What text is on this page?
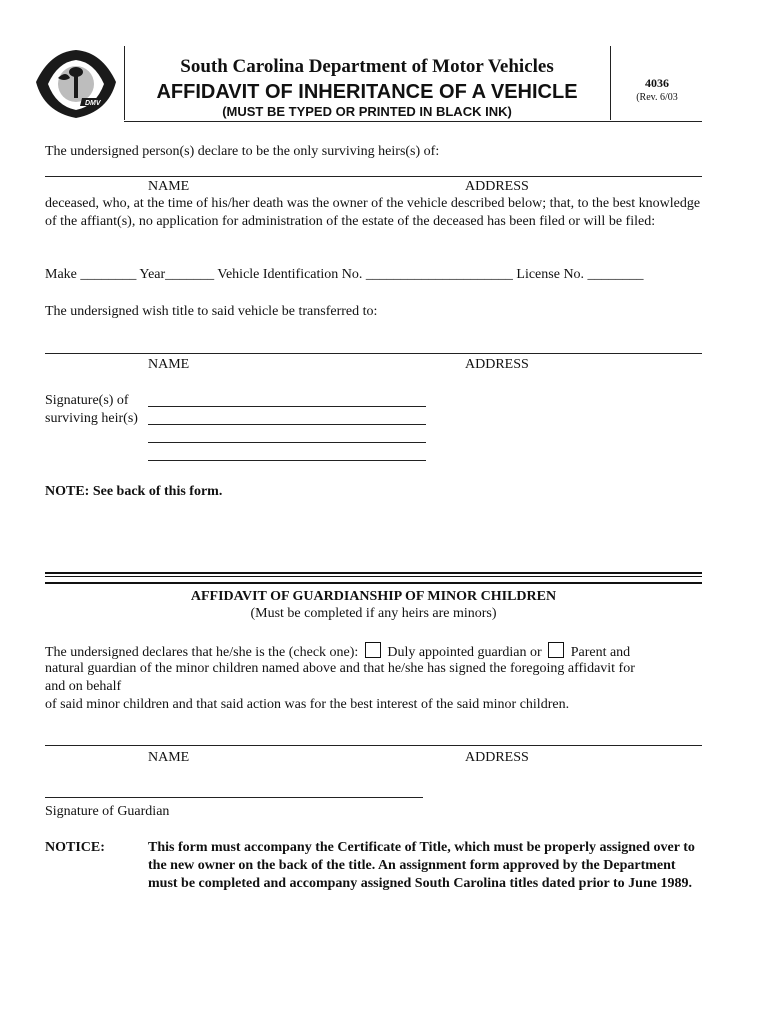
DMV
South Carolina Department of Motor Vehicles
AFFIDAVIT OF INHERITANCE OF A VEHICLE
(MUST BE TYPED OR PRINTED IN BLACK INK)
4036
(Rev. 6/03
The undersigned person(s) declare to be the only surviving heirs(s) of:
NAME	ADDRESS
deceased, who, at the time of his/her death was the owner of the vehicle described below; that, to the best knowledge of the affiant(s), no application for administration of the estate of the deceased has been filed or will be filed:
Make ________ Year_______ Vehicle Identification No. _____________________ License No. ________
The undersigned wish title to said vehicle be transferred to:
NAME	ADDRESS
Signature(s) of
surviving heir(s)
NOTE: See back of this form.
AFFIDAVIT OF GUARDIANSHIP OF MINOR CHILDREN
(Must be completed if any heirs are minors)
The undersigned declares that he/she is the (check one): Duly appointed guardian or Parent and
natural guardian of the minor children named above and that he/she has signed the foregoing affidavit for
and on behalf
of said minor children and that said action was for the best interest of the said minor children.
NAME	ADDRESS
Signature of Guardian
NOTICE:	This form must accompany the Certificate of Title, which must be properly assigned over to the new owner on the back of the title. An assignment form approved by the Department must be completed and accompany assigned South Carolina titles dated prior to June 1989.
